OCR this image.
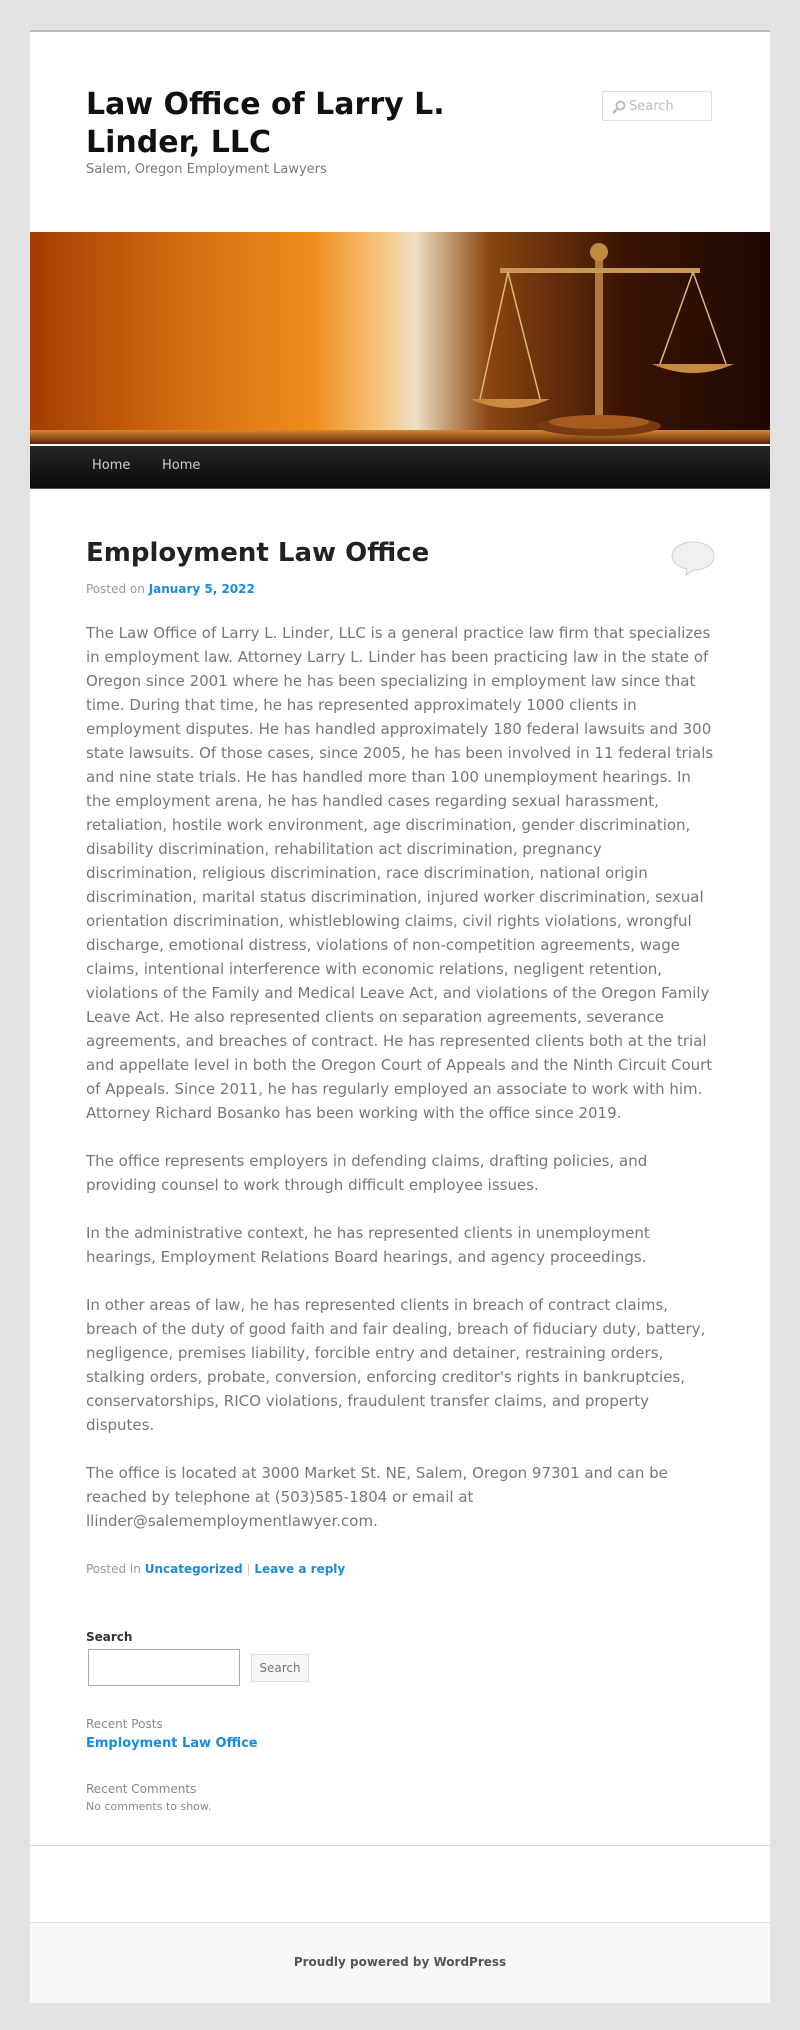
Law Office of Larry L. Linder, LLC

Salem, Oregon Employment Lawyers

Search
Home Home
Employment Law Office
Posted on January 5, 2022

The Law Office of Larry L. Linder, LLC is a general practice law firm that specializes in employment law. Attorney Larry L. Linder has been practicing law in the state of Oregon since 2001 where he has been specializing in employment law since that time. During that time, he has represented approximately 1000 clients in employment disputes. He has handled approximately 180 federal lawsuits and 300 state lawsuits. Of those cases, since 2005, he has been involved in 11 federal trials and nine state trials. He has handled more than 100 unemployment hearings. In the employment arena, he has handled cases regarding sexual harassment, retaliation, hostile work environment, age discrimination, gender discrimination, disability discrimination, rehabilitation act discrimination, pregnancy discrimination, religious discrimination, race discrimination, national origin discrimination, marital status discrimination, injured worker discrimination, sexual orientation discrimination, whistleblowing claims, civil rights violations, wrongful discharge, emotional distress, violations of non-competition agreements, wage claims, intentional interference with economic relations, negligent retention, violations of the Family and Medical Leave Act, and violations of the Oregon Family Leave Act. He also represented clients on separation agreements, severance agreements, and breaches of contract. He has represented clients both at the trial and appellate level in both the Oregon Court of Appeals and the Ninth Circuit Court of Appeals. Since 2011, he has regularly employed an associate to work with him. Attorney Richard Bosanko has been working with the office since 2019.

The office represents employers in defending claims, drafting policies, and providing counsel to work through difficult employee issues.

In the administrative context, he has represented clients in unemployment hearings, Employment Relations Board hearings, and agency proceedings.

In other areas of law, he has represented clients in breach of contract claims, breach of the duty of good faith and fair dealing, breach of fiduciary duty, battery, negligence, premises liability, forcible entry and detainer, restraining orders, stalking orders, probate, conversion, enforcing creditor's rights in bankruptcies, conservatorships, RICO violations, fraudulent transfer claims, and property disputes.

The office is located at 3000 Market St. NE, Salem, Oregon 97301 and can be reached by telephone at (503)585-1804 or email at llinder@salememploymentlawyer.com.

Posted in Uncategorized | Leave a reply
Search
Search
Recent Posts
Employment Law Office
Recent Comments
No comments to show.
Proudly powered by WordPress
